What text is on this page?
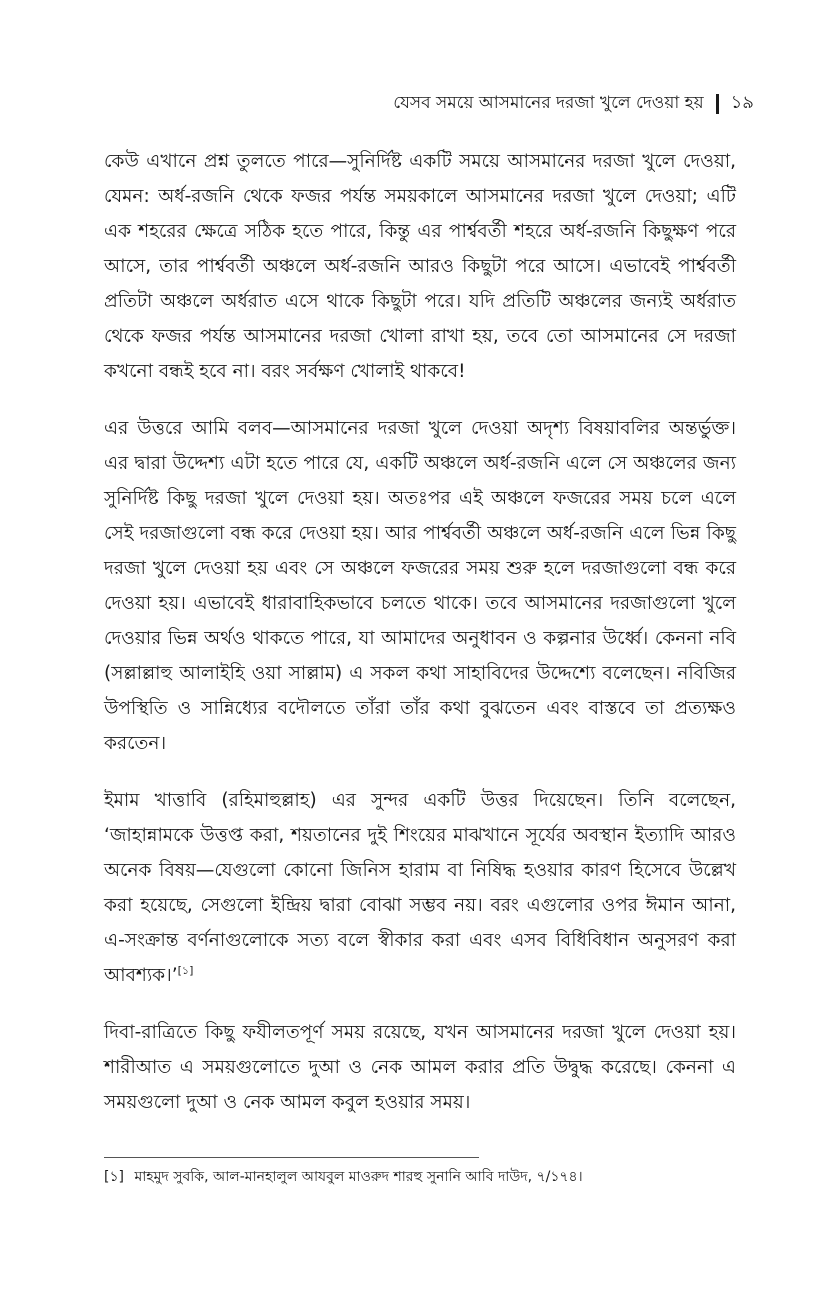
যেসব সময়ে আসমানের দরজা খুলে দেওয়া হয় ১৯

কেউ এখানে প্রশ্ন তুলতে পারে—সুনির্দিষ্ট একটি সময়ে আসমানের দরজা খুলে দেওয়া, যেমন: অর্ধ-রজনি থেকে ফজর পর্যন্ত সময়কালে আসমানের দরজা খুলে দেওয়া; এটি এক শহরের ক্ষেত্রে সঠিক হতে পারে, কিন্তু এর পার্শ্ববর্তী শহরে অর্ধ-রজনি কিছুক্ষণ পরে আসে, তার পার্শ্ববর্তী অঞ্চলে অর্ধ-রজনি আরও কিছুটা পরে আসে। এভাবেই পার্শ্ববর্তী প্রতিটা অঞ্চলে অর্ধরাত এসে থাকে কিছুটা পরে। যদি প্রতিটি অঞ্চলের জন্যই অর্ধরাত থেকে ফজর পর্যন্ত আসমানের দরজা খোলা রাখা হয়, তবে তো আসমানের সে দরজা কখনো বন্ধই হবে না। বরং সর্বক্ষণ খোলাই থাকবে!

এর উত্তরে আমি বলব—আসমানের দরজা খুলে দেওয়া অদৃশ্য বিষয়াবলির অন্তর্ভুক্ত। এর দ্বারা উদ্দেশ্য এটা হতে পারে যে, একটি অঞ্চলে অর্ধ-রজনি এলে সে অঞ্চলের জন্য সুনির্দিষ্ট কিছু দরজা খুলে দেওয়া হয়। অতঃপর এই অঞ্চলে ফজরের সময় চলে এলে সেই দরজাগুলো বন্ধ করে দেওয়া হয়। আর পার্শ্ববর্তী অঞ্চলে অর্ধ-রজনি এলে ভিন্ন কিছু দরজা খুলে দেওয়া হয় এবং সে অঞ্চলে ফজরের সময় শুরু হলে দরজাগুলো বন্ধ করে দেওয়া হয়। এভাবেই ধারাবাহিকভাবে চলতে থাকে। তবে আসমানের দরজাগুলো খুলে দেওয়ার ভিন্ন অর্থও থাকতে পারে, যা আমাদের অনুধাবন ও কল্পনার উর্ধ্বে। কেননা নবি (সল্লাল্লাহু আলাইহি ওয়া সাল্লাম) এ সকল কথা সাহাবিদের উদ্দেশ্যে বলেছেন। নবিজির উপস্থিতি ও সান্নিধ্যের বদৌলতে তাঁরা তাঁর কথা বুঝতেন এবং বাস্তবে তা প্রত্যক্ষও করতেন।

ইমাম খাত্তাবি (রহিমাহুল্লাহ) এর সুন্দর একটি উত্তর দিয়েছেন। তিনি বলেছেন, ‘জাহান্নামকে উত্তপ্ত করা, শয়তানের দুই শিংয়ের মাঝখানে সূর্যের অবস্থান ইত্যাদি আরও অনেক বিষয়—যেগুলো কোনো জিনিস হারাম বা নিষিদ্ধ হওয়ার কারণ হিসেবে উল্লেখ করা হয়েছে, সেগুলো ইন্দ্রিয় দ্বারা বোঝা সম্ভব নয়। বরং এগুলোর ওপর ঈমান আনা, এ-সংক্রান্ত বর্ণনাগুলোকে সত্য বলে স্বীকার করা এবং এসব বিধিবিধান অনুসরণ করা আবশ্যক।’[১]

দিবা-রাত্রিতে কিছু ফযীলতপূর্ণ সময় রয়েছে, যখন আসমানের দরজা খুলে দেওয়া হয়। শারীআত এ সময়গুলোতে দুআ ও নেক আমল করার প্রতি উদ্বুদ্ধ করেছে। কেননা এ সময়গুলো দুআ ও নেক আমল কবুল হওয়ার সময়।

[১] মাহমুদ সুবকি, আল-মানহালুল আযবুল মাওরুদ শারহু সুনানি আবি দাউদ, ৭/১৭৪।
